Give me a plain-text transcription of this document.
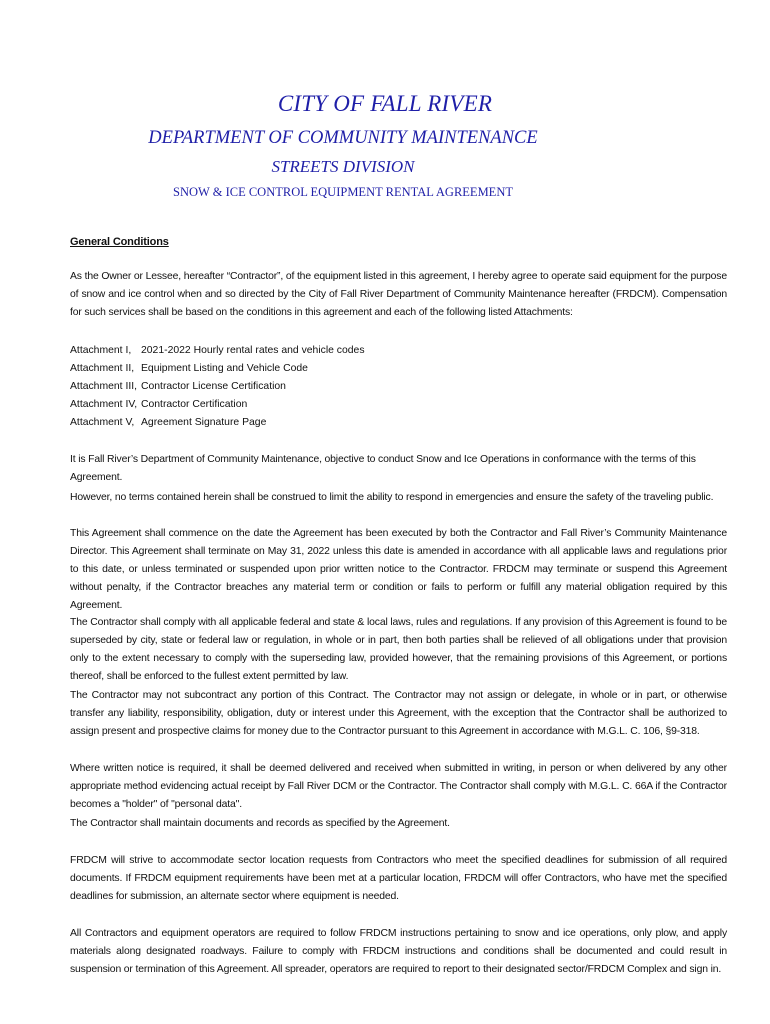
CITY OF FALL RIVER
DEPARTMENT OF COMMUNITY MAINTENANCE
STREETS DIVISION
SNOW & ICE CONTROL EQUIPMENT RENTAL AGREEMENT
General Conditions
As the Owner or Lessee, hereafter “Contractor”, of the equipment listed in this agreement, I hereby agree to operate said equipment for the purpose of snow and ice control when and so directed by the City of Fall River Department of Community Maintenance hereafter (FRDCM). Compensation for such services shall be based on the conditions in this agreement and each of the following listed Attachments:
Attachment I, 2021-2022 Hourly rental rates and vehicle codes
Attachment II, Equipment Listing and Vehicle Code
Attachment III, Contractor License Certification
Attachment IV, Contractor Certification
Attachment V, Agreement Signature Page
It is Fall River’s Department of Community Maintenance, objective to conduct Snow and Ice Operations in conformance with the terms of this Agreement.
However, no terms contained herein shall be construed to limit the ability to respond in emergencies and ensure the safety of the traveling public.
This Agreement shall commence on the date the Agreement has been executed by both the Contractor and Fall River’s Community Maintenance Director. This Agreement shall terminate on May 31, 2022 unless this date is amended in accordance with all applicable laws and regulations prior to this date, or unless terminated or suspended upon prior written notice to the Contractor. FRDCM may terminate or suspend this Agreement without penalty, if the Contractor breaches any material term or condition or fails to perform or fulfill any material obligation required by this Agreement.
The Contractor shall comply with all applicable federal and state & local laws, rules and regulations. If any provision of this Agreement is found to be superseded by city, state or federal law or regulation, in whole or in part, then both parties shall be relieved of all obligations under that provision only to the extent necessary to comply with the superseding law, provided however, that the remaining provisions of this Agreement, or portions thereof, shall be enforced to the fullest extent permitted by law.
The Contractor may not subcontract any portion of this Contract. The Contractor may not assign or delegate, in whole or in part, or otherwise transfer any liability, responsibility, obligation, duty or interest under this Agreement, with the exception that the Contractor shall be authorized to assign present and prospective claims for money due to the Contractor pursuant to this Agreement in accordance with M.G.L. C. 106, §9-318.
Where written notice is required, it shall be deemed delivered and received when submitted in writing, in person or when delivered by any other appropriate method evidencing actual receipt by Fall River DCM or the Contractor. The Contractor shall comply with M.G.L. C. 66A if the Contractor becomes a "holder" of "personal data".
The Contractor shall maintain documents and records as specified by the Agreement.
FRDCM will strive to accommodate sector location requests from Contractors who meet the specified deadlines for submission of all required documents. If FRDCM equipment requirements have been met at a particular location, FRDCM will offer Contractors, who have met the specified deadlines for submission, an alternate sector where equipment is needed.
All Contractors and equipment operators are required to follow FRDCM instructions pertaining to snow and ice operations, only plow, and apply materials along designated roadways. Failure to comply with FRDCM instructions and conditions shall be documented and could result in suspension or termination of this Agreement. All spreader, operators are required to report to their designated sector/FRDCM Complex and sign in.
